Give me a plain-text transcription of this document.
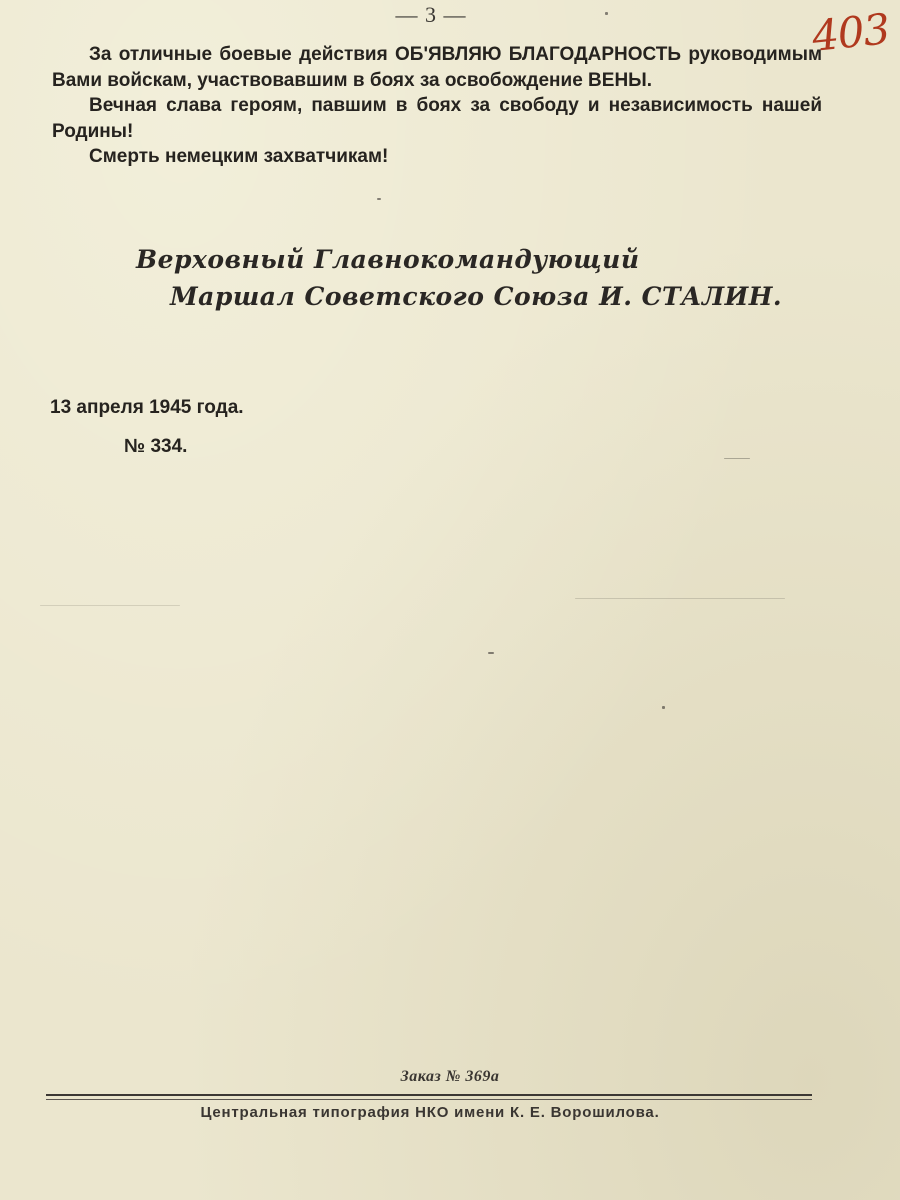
— 3 —	403

За отличные боевые действия ОБ'ЯВЛЯЮ БЛАГОДАРНОСТЬ руководимым Вами войскам, участвовавшим в боях за освобождение ВЕНЫ.

Вечная слава героям, павшим в боях за свободу и независимость нашей Родины!

Смерть немецким захватчикам!

Верховный Главнокомандующий
Маршал Советского Союза И. СТАЛИН.
13 апреля 1945 года.
№ 334.
Заказ № 369а
Центральная типография НКО имени К. Е. Ворошилова.
